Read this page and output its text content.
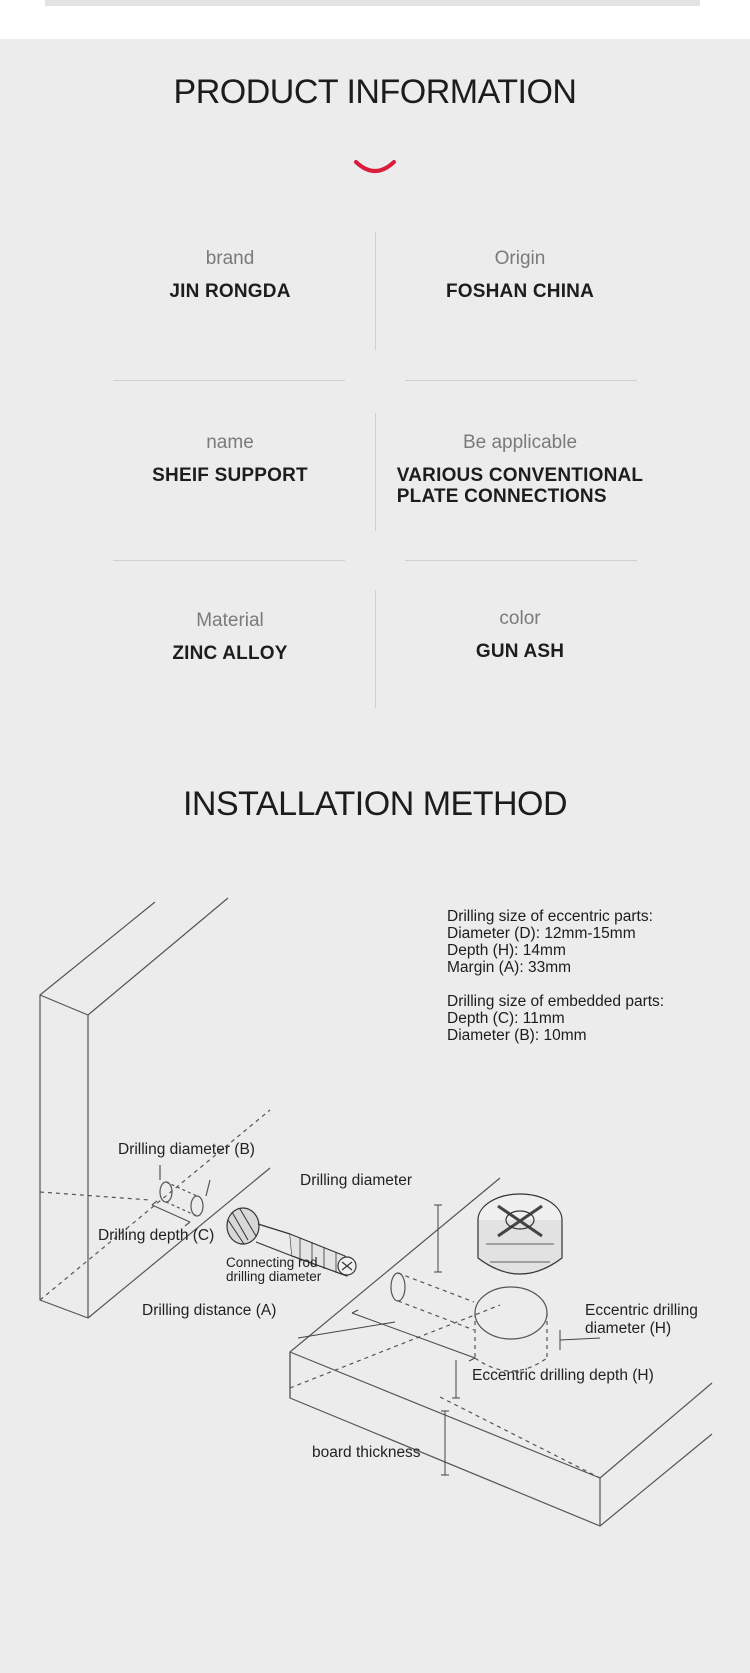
PRODUCT INFORMATION
brand
JIN RONGDA
Origin
FOSHAN CHINA
name
SHEIF SUPPORT
Be applicable
VARIOUS CONVENTIONAL
PLATE CONNECTIONS
Material
ZINC ALLOY
color
GUN ASH
INSTALLATION METHOD
Drilling size of eccentric parts:
Diameter (D): 12mm-15mm
Depth (H): 14mm
Margin (A): 33mm
Drilling size of embedded parts:
Depth (C): 11mm
Diameter (B): 10mm
Drilling diameter (B)
Drilling diameter
Drilling depth (C)
Connecting rod
drilling diameter
Drilling distance (A)	Eccentric drilling
diameter (H)
Eccentric drilling depth (H)
board thickness
